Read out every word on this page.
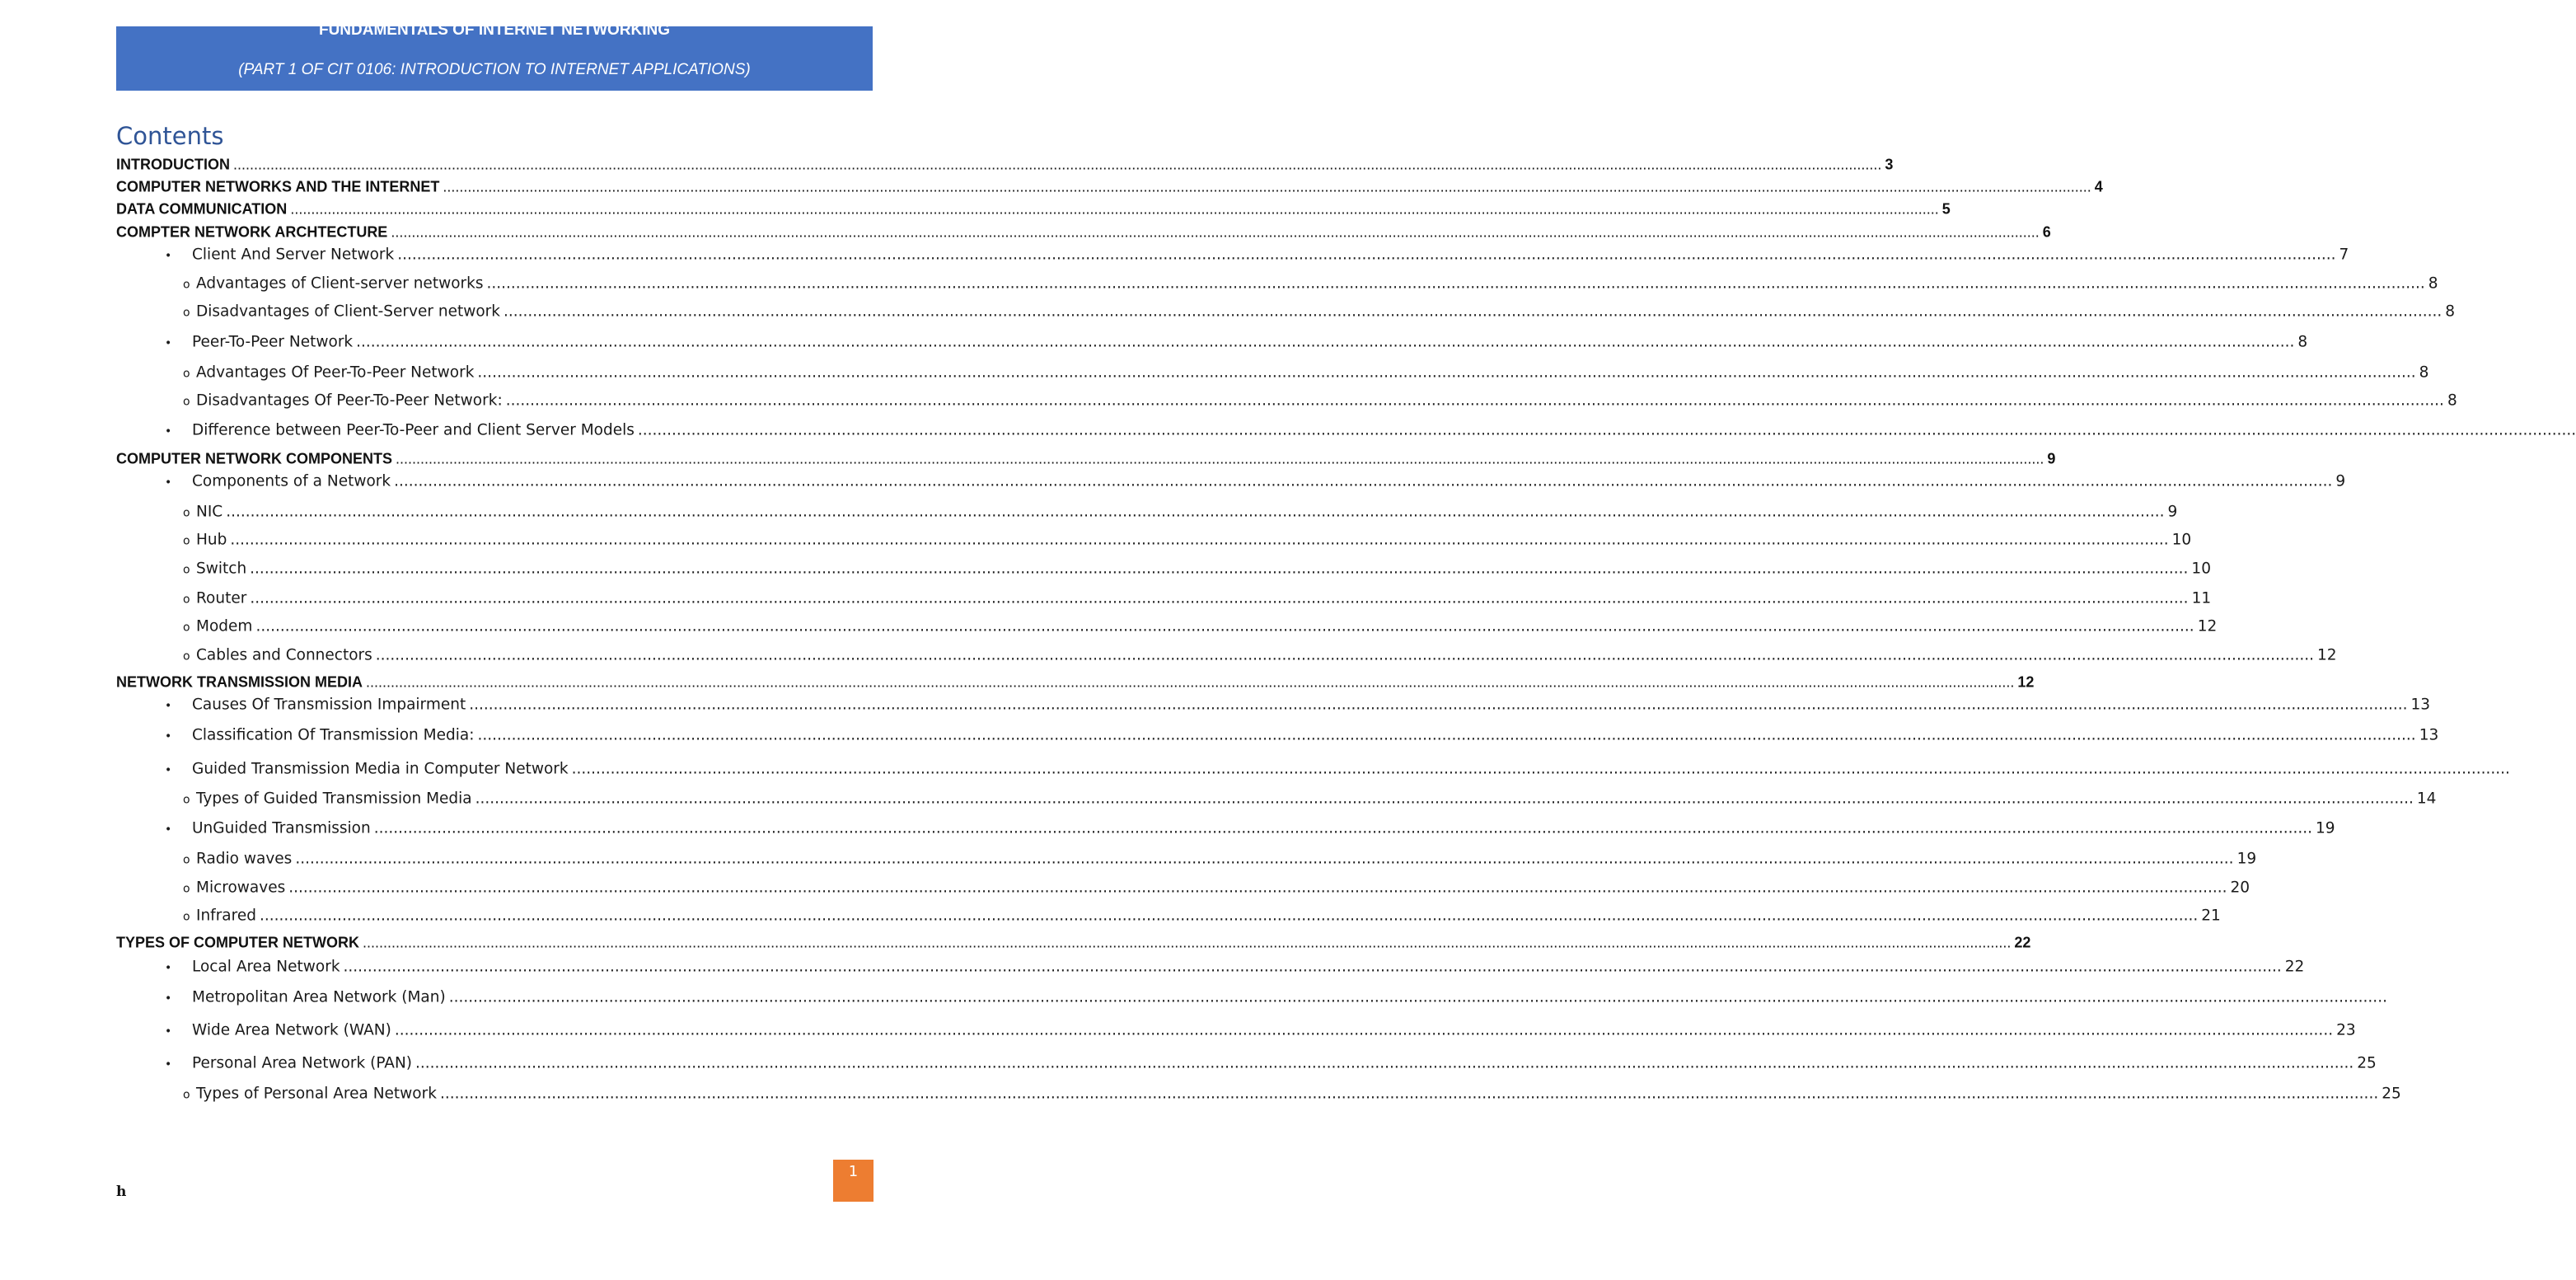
FUNDAMENTALS OF INTERNET NETWORKING
(PART 1 OF CIT 0106: INTRODUCTION TO INTERNET APPLICATIONS)
Contents
INTRODUCTION ................................................................................................................................................................................................................................................................................................................................................................................................................ 3
COMPUTER NETWORKS AND THE INTERNET ................................................................................................................................................................................................................................................................................................................................................................................................................ 4
DATA COMMUNICATION ................................................................................................................................................................................................................................................................................................................................................................................................................ 5
COMPTER NETWORK ARCHTECTURE ................................................................................................................................................................................................................................................................................................................................................................................................................ 6
•	Client And Server Network ................................................................................................................................................................................................................................................................................................................................................................................................................ 7
o Advantages of Client-server networks ................................................................................................................................................................................................................................................................................................................................................................................................................ 8
o Disadvantages of Client-Server network ................................................................................................................................................................................................................................................................................................................................................................................................................ 8
•	Peer-To-Peer Network ................................................................................................................................................................................................................................................................................................................................................................................................................ 8
o Advantages Of Peer-To-Peer Network ................................................................................................................................................................................................................................................................................................................................................................................................................ 8
o Disadvantages Of Peer-To-Peer Network: ................................................................................................................................................................................................................................................................................................................................................................................................................ 8
•	Difference between Peer-To-Peer and Client Server Models ................................................................................................................................................................................................................................................................................................................................................................................................................
COMPUTER NETWORK COMPONENTS ................................................................................................................................................................................................................................................................................................................................................................................................................ 9
•	Components of a Network ................................................................................................................................................................................................................................................................................................................................................................................................................ 9
o NIC ................................................................................................................................................................................................................................................................................................................................................................................................................ 9
o Hub ................................................................................................................................................................................................................................................................................................................................................................................................................ 10
o Switch ................................................................................................................................................................................................................................................................................................................................................................................................................ 10
o Router ................................................................................................................................................................................................................................................................................................................................................................................................................ 11
o Modem ................................................................................................................................................................................................................................................................................................................................................................................................................ 12
o Cables and Connectors ................................................................................................................................................................................................................................................................................................................................................................................................................ 12
NETWORK TRANSMISSION MEDIA ................................................................................................................................................................................................................................................................................................................................................................................................................ 12
•	Causes Of Transmission Impairment ................................................................................................................................................................................................................................................................................................................................................................................................................ 13
•	Classification Of Transmission Media: ................................................................................................................................................................................................................................................................................................................................................................................................................ 13
•	Guided Transmission Media in Computer Network ................................................................................................................................................................................................................................................................................................................................................................................................................
o Types of Guided Transmission Media ................................................................................................................................................................................................................................................................................................................................................................................................................ 14
•	UnGuided Transmission ................................................................................................................................................................................................................................................................................................................................................................................................................ 19
o Radio waves ................................................................................................................................................................................................................................................................................................................................................................................................................ 19
o Microwaves ................................................................................................................................................................................................................................................................................................................................................................................................................ 20
o Infrared ................................................................................................................................................................................................................................................................................................................................................................................................................ 21
TYPES OF COMPUTER NETWORK ................................................................................................................................................................................................................................................................................................................................................................................................................ 22
•	Local Area Network ................................................................................................................................................................................................................................................................................................................................................................................................................ 22
•	Metropolitan Area Network (Man) ................................................................................................................................................................................................................................................................................................................................................................................................................
•	Wide Area Network (WAN) ................................................................................................................................................................................................................................................................................................................................................................................................................ 23
•	Personal Area Network (PAN) ................................................................................................................................................................................................................................................................................................................................................................................................................ 25
o Types of Personal Area Network ................................................................................................................................................................................................................................................................................................................................................................................................................ 25
1
h
